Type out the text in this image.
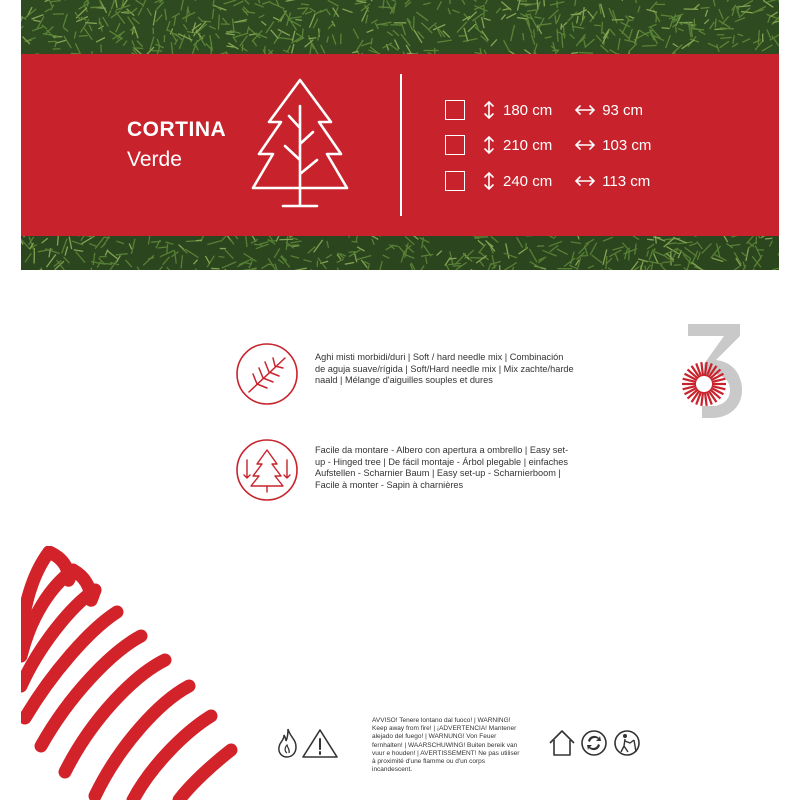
CORTINA
Verde
180 cm	93 cm
210 cm	103 cm
240 cm	113 cm
Aghi misti morbidi/duri | Soft / hard needle mix | Combinación de aguja suave/rígida | Soft/Hard needle mix | Mix zachte/harde naald | Mélange d'aiguilles souples et dures
Facile da montare - Albero con apertura a ombrello | Easy set-up - Hinged tree | De fácil montaje - Árbol plegable | einfaches Aufstellen - Scharnier Baum | Easy set-up - Scharnierboom | Facile à monter - Sapin à charnières
AVVISO! Tenere lontano dal fuoco! | WARNING! Keep away from fire! | ¡ADVERTENCIA! Mantener alejado del fuego! | WARNUNG! Von Feuer fernhalten! | WAARSCHUWING! Buiten bereik van vuur e houden! | AVERTISSEMENT! Ne pas utiliser à proximité d'une flamme ou d'un corps incandescent.
